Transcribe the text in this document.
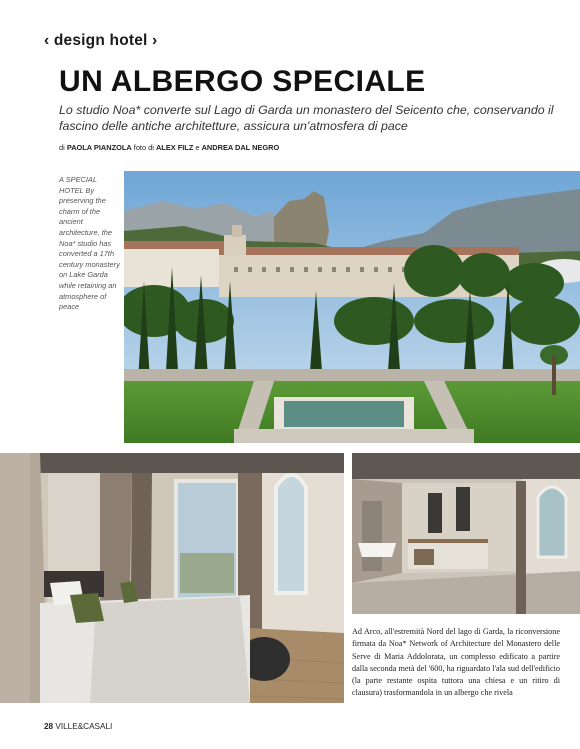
‹ design hotel ›
UN ALBERGO SPECIALE

Lo studio Noa* converte sul Lago di Garda un monastero del Seicento che, conservando il fascino delle antiche architetture, assicura un'atmosfera di pace

di PAOLA PIANZOLA foto di ALEX FILZ e ANDREA DAL NEGRO

A SPECIAL HOTEL By preserving the charm of the ancient architecture, the Noa* studio has converted a 17th century monastery on Lake Garda while retaining an atmosphere of peace

Ad Arco, all'estremità Nord del lago di Garda, la riconversione firmata da Noa* Network of Architecture del Monastero delle Serve di Maria Addolorata, un complesso edificato a partire dalla seconda metà del '600, ha riguardato l'ala sud dell'edificio (la parte restante ospita tuttora una chiesa e un ritiro di clausura) trasformandola in un albergo che rivela

28 VILLE&CASALI
